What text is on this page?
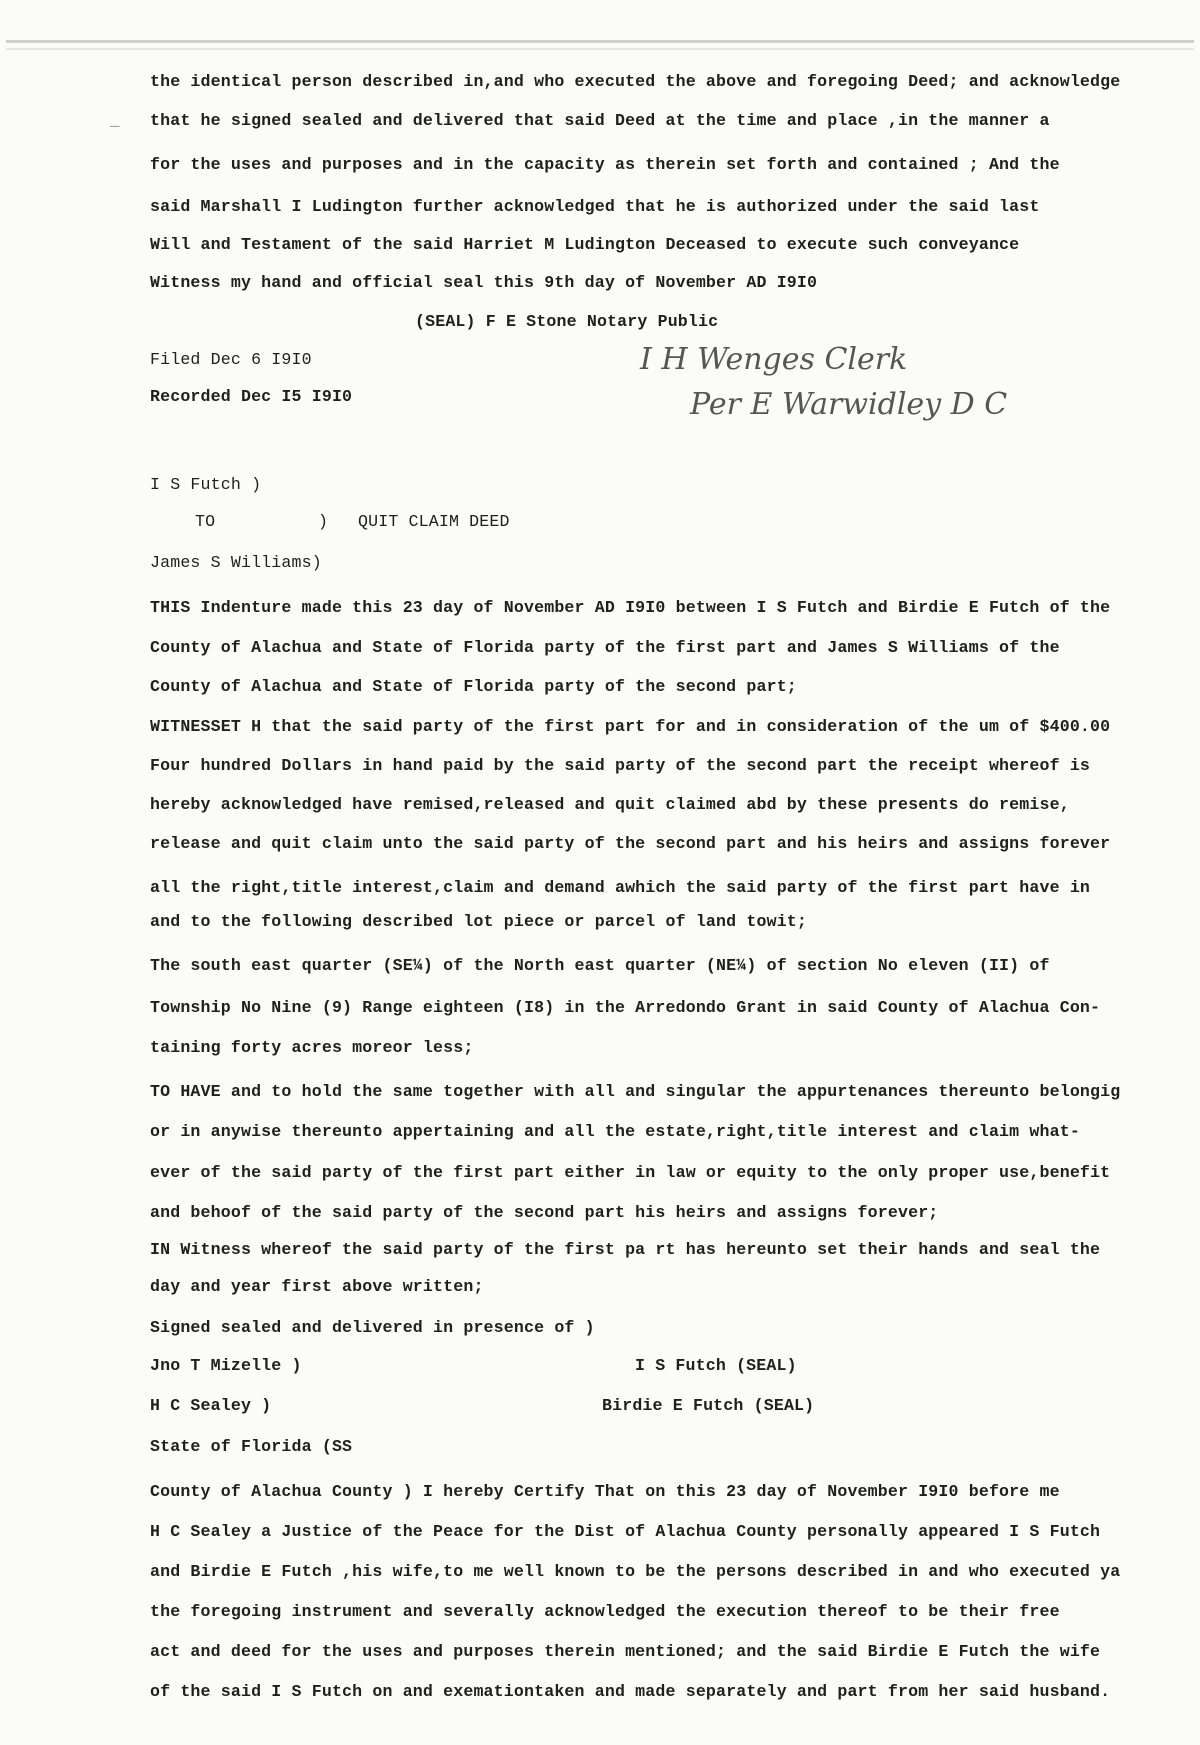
_
the identical person described in,and who executed the above and foregoing Deed; and acknowledge
that he signed sealed and delivered that said Deed at the time and place ,in the manner a
for the uses and purposes and in the capacity as therein set forth and contained ; And the
said Marshall I Ludington further acknowledged that he is authorized under the said last
Will and Testament of the said Harriet M Ludington Deceased to execute such conveyance
Witness my hand and official seal this 9th day of November AD I9I0
(SEAL) F E Stone Notary Public
Filed Dec 6 I9I0
Recorded Dec I5 I9I0
I H Wenges Clerk
Per E Warwidley D C
I S Futch )
TO	) QUIT CLAIM DEED
James S Williams)
THIS Indenture made this 23 day of November AD I9I0 between I S Futch and Birdie E Futch of the
County of Alachua and State of Florida party of the first part and James S Williams of the
County of Alachua and State of Florida party of the second part;
WITNESSET H that the said party of the first part for and in consideration of the um of $400.00
Four hundred Dollars in hand paid by the said party of the second part the receipt whereof is
hereby acknowledged have remised,released and quit claimed abd by these presents do remise,
release and quit claim unto the said party of the second part and his heirs and assigns forever
all the right,title interest,claim and demand awhich the said party of the first part have in
and to the following described lot piece or parcel of land towit;
The south east quarter (SE¼) of the North east quarter (NE¼) of section No eleven (II) of
Township No Nine (9) Range eighteen (I8) in the Arredondo Grant in said County of Alachua Con-
taining forty acres moreor less;
TO HAVE and to hold the same together with all and singular the appurtenances thereunto belongig
or in anywise thereunto appertaining and all the estate,right,title interest and claim what-
ever of the said party of the first part either in law or equity to the only proper use,benefit
and behoof of the said party of the second part his heirs and assigns forever;
IN Witness whereof the said party of the first pa rt has hereunto set their hands and seal the
day and year first above written;
Signed sealed and delivered in presence of )
Jno T Mizelle )	I S Futch (SEAL)
H C Sealey )	Birdie E Futch (SEAL)
State of Florida (SS
County of Alachua County ) I hereby Certify That on this 23 day of November I9I0 before me
H C Sealey a Justice of the Peace for the Dist of Alachua County personally appeared I S Futch
and Birdie E Futch ,his wife,to me well known to be the persons described in and who executed ya
the foregoing instrument and severally acknowledged the execution thereof to be their free
act and deed for the uses and purposes therein mentioned; and the said Birdie E Futch the wife
of the said I S Futch on and exemationtaken and made separately and part from her said husband.
